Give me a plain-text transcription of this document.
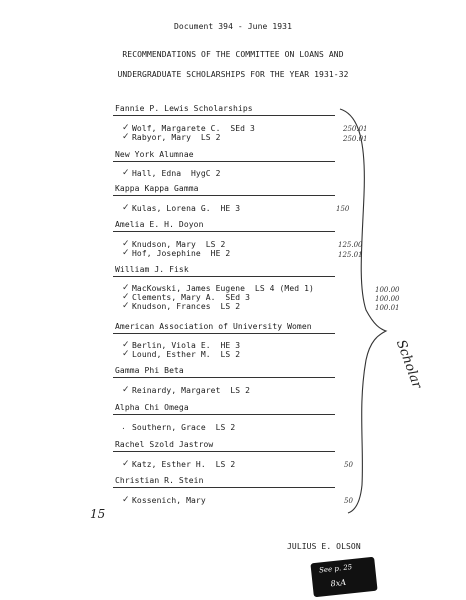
Document 394 - June 1931
RECOMMENDATIONS OF THE COMMITTEE ON LOANS AND
UNDERGRADUATE SCHOLARSHIPS FOR THE YEAR 1931-32
Fannie P. Lewis Scholarships
✓ Wolf, Margarete C.  SEd 3	250.01
✓ Rabyor, Mary  LS 2	250.01
New York Alumnae
✓ Hall, Edna  HygC 2
Kappa Kappa Gamma
✓ Kulas, Lorena G.  HE 3	150
Amelia E. H. Doyon
✓ Knudson, Mary  LS 2	125.00
✓ Hof, Josephine  HE 2	125.01
William J. Fisk
✓ MacKowski, James Eugene  LS 4 (Med 1)	100.00
✓ Clements, Mary A.  SEd 3	100.00
✓ Knudson, Frances  LS 2	100.01
American Association of University Women
✓ Berlin, Viola E.  HE 3
✓ Lound, Esther M.  LS 2
Gamma Phi Beta
✓ Reinardy, Margaret  LS 2
Alpha Chi Omega
. Southern, Grace  LS 2
Rachel Szold Jastrow
✓ Katz, Esther H.  LS 2	50
Christian R. Stein
✓ Kossenich, Mary	50
Scholar
15
JULIUS E. OLSON
See p. 25
8xA
